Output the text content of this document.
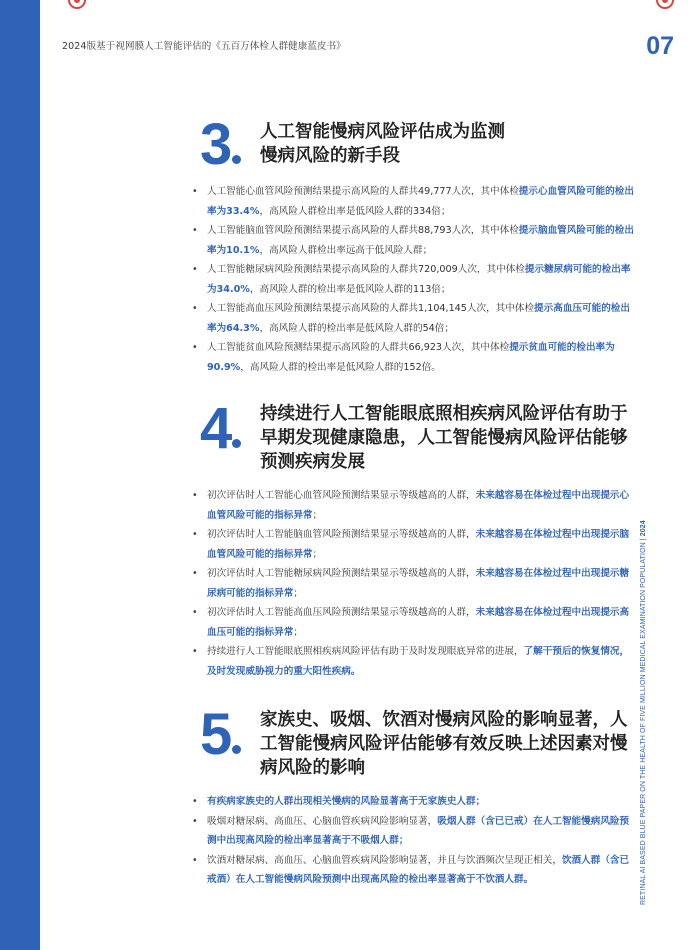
2024版基于视网膜人工智能评估的《五百万体检人群健康蓝皮书》	07
RETINAL AI BASED BLUE PAPER ON THE HEALTH OF FIVE MILLION MEDICAL EXAMINATION POPULATION | 2024
3	人工智能慢病风险评估成为监测慢病风险的新手段
• 人工智能心血管风险预测结果提示高风险的人群共49,777人次，其中体检提示心血管风险可能的检出率为33.4%，高风险人群检出率是低风险人群的334倍；
• 人工智能脑血管风险预测结果提示高风险的人群共88,793人次，其中体检提示脑血管风险可能的检出率为10.1%，高风险人群检出率远高于低风险人群；
• 人工智能糖尿病风险预测结果提示高风险的人群共720,009人次，其中体检提示糖尿病可能的检出率为34.0%，高风险人群的检出率是低风险人群的113倍；
• 人工智能高血压风险预测结果提示高风险的人群共1,104,145人次，其中体检提示高血压可能的检出率为64.3%，高风险人群的检出率是低风险人群的54倍；
• 人工智能贫血风险预测结果提示高风险的人群共66,923人次，其中体检提示贫血可能的检出率为90.9%，高风险人群的检出率是低风险人群的152倍。
4	持续进行人工智能眼底照相疾病风险评估有助于早期发现健康隐患，人工智能慢病风险评估能够预测疾病发展
• 初次评估时人工智能心血管风险预测结果显示等级越高的人群，未来越容易在体检过程中出现提示心血管风险可能的指标异常；
• 初次评估时人工智能脑血管风险预测结果显示等级越高的人群，未来越容易在体检过程中出现提示脑血管风险可能的指标异常；
• 初次评估时人工智能糖尿病风险预测结果显示等级越高的人群，未来越容易在体检过程中出现提示糖尿病可能的指标异常；
• 初次评估时人工智能高血压风险预测结果显示等级越高的人群，未来越容易在体检过程中出现提示高血压可能的指标异常；
• 持续进行人工智能眼底照相疾病风险评估有助于及时发现眼底异常的进展，了解干预后的恢复情况，及时发现威胁视力的重大阳性疾病。
5	家族史、吸烟、饮酒对慢病风险的影响显著，人工智能慢病风险评估能够有效反映上述因素对慢病风险的影响
• 有疾病家族史的人群出现相关慢病的风险显著高于无家族史人群；
• 吸烟对糖尿病、高血压、心脑血管疾病风险影响显著，吸烟人群（含已已戒）在人工智能慢病风险预测中出现高风险的检出率显著高于不吸烟人群；
• 饮酒对糖尿病、高血压、心脑血管疾病风险影响显著，并且与饮酒频次呈现正相关，饮酒人群（含已戒酒）在人工智能慢病风险预测中出现高风险的检出率显著高于不饮酒人群。
